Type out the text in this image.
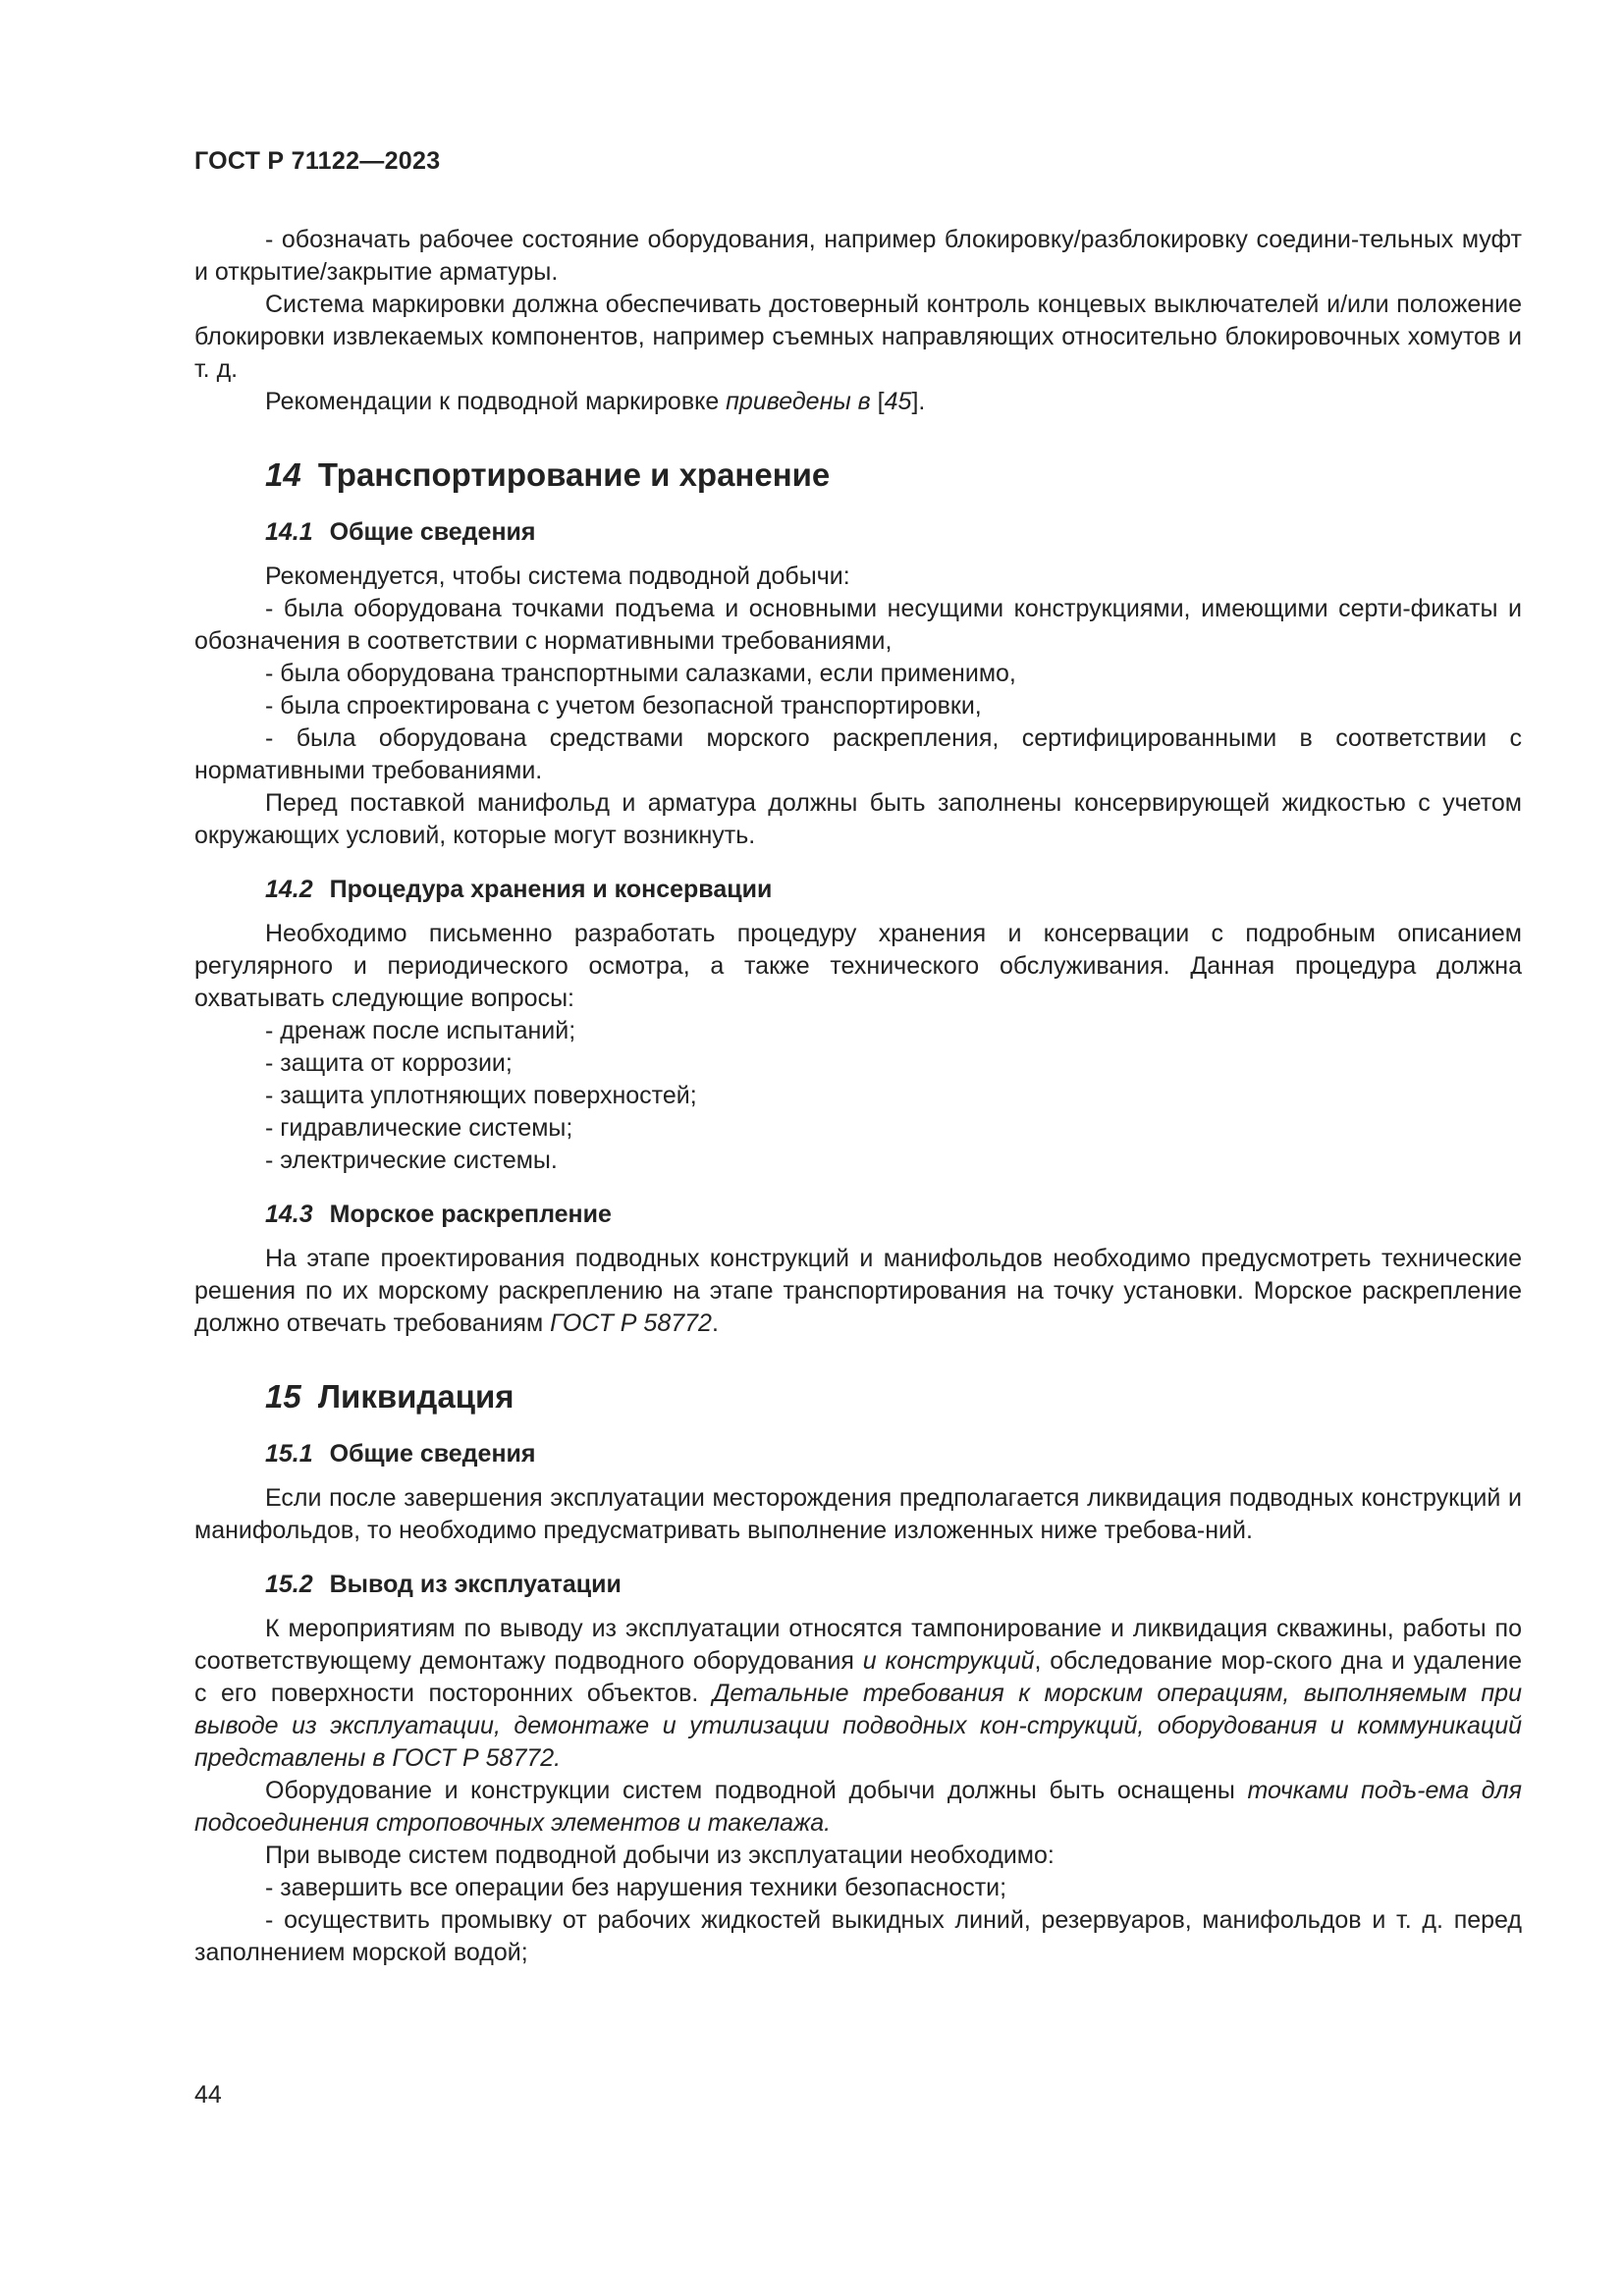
ГОСТ Р 71122—2023

- обозначать рабочее состояние оборудования, например блокировку/разблокировку соедини-тельных муфт и открытие/закрытие арматуры.

Система маркировки должна обеспечивать достоверный контроль концевых выключателей и/или положение блокировки извлекаемых компонентов, например съемных направляющих относительно блокировочных хомутов и т. д.

Рекомендации к подводной маркировке приведены в [45].

14 Транспортирование и хранение
14.1 Общие сведения

Рекомендуется, чтобы система подводной добычи:

- была оборудована точками подъема и основными несущими конструкциями, имеющими серти-фикаты и обозначения в соответствии с нормативными требованиями,

- была оборудована транспортными салазками, если применимо,

- была спроектирована с учетом безопасной транспортировки,

- была оборудована средствами морского раскрепления, сертифицированными в соответствии с нормативными требованиями.

Перед поставкой манифольд и арматура должны быть заполнены консервирующей жидкостью с учетом окружающих условий, которые могут возникнуть.

14.2 Процедура хранения и консервации

Необходимо письменно разработать процедуру хранения и консервации с подробным описанием регулярного и периодического осмотра, а также технического обслуживания. Данная процедура должна охватывать следующие вопросы:

- дренаж после испытаний;

- защита от коррозии;

- защита уплотняющих поверхностей;

- гидравлические системы;

- электрические системы.

14.3 Морское раскрепление

На этапе проектирования подводных конструкций и манифольдов необходимо предусмотреть технические решения по их морскому раскреплению на этапе транспортирования на точку установки. Морское раскрепление должно отвечать требованиям ГОСТ Р 58772.

15 Ликвидация
15.1 Общие сведения

Если после завершения эксплуатации месторождения предполагается ликвидация подводных конструкций и манифольдов, то необходимо предусматривать выполнение изложенных ниже требова-ний.

15.2 Вывод из эксплуатации

К мероприятиям по выводу из эксплуатации относятся тампонирование и ликвидация скважины, работы по соответствующему демонтажу подводного оборудования и конструкций, обследование мор-ского дна и удаление с его поверхности посторонних объектов. Детальные требования к морским операциям, выполняемым при выводе из эксплуатации, демонтаже и утилизации подводных кон-струкций, оборудования и коммуникаций представлены в ГОСТ Р 58772.

Оборудование и конструкции систем подводной добычи должны быть оснащены точками подъ-ема для подсоединения строповочных элементов и такелажа.

При выводе систем подводной добычи из эксплуатации необходимо:

- завершить все операции без нарушения техники безопасности;

- осуществить промывку от рабочих жидкостей выкидных линий, резервуаров, манифольдов и т. д. перед заполнением морской водой;

44
